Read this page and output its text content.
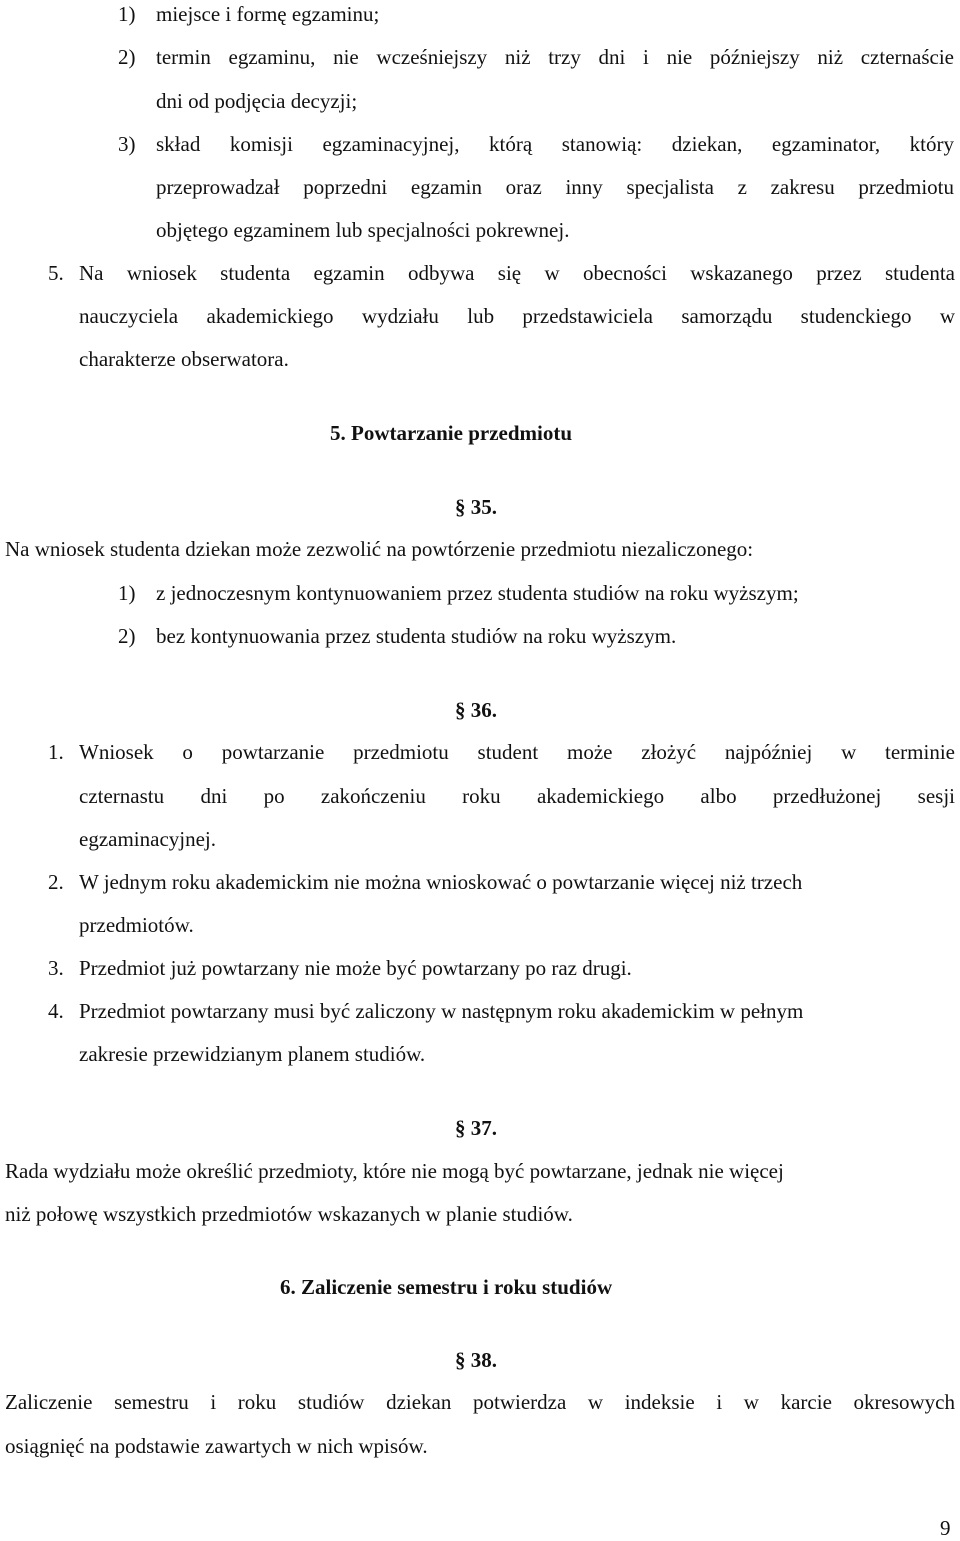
1) miejsce i formę egzaminu;
2) termin egzaminu, nie wcześniejszy niż trzy dni i nie późniejszy niż czternaście
dni od podjęcia decyzji;
3) skład komisji egzaminacyjnej, którą stanowią: dziekan, egzaminator, który
przeprowadzał poprzedni egzamin oraz inny specjalista z zakresu przedmiotu
objętego egzaminem lub specjalności pokrewnej.
5. Na wniosek studenta egzamin odbywa się w obecności wskazanego przez studenta
nauczyciela akademickiego wydziału lub przedstawiciela samorządu studenckiego w
charakterze obserwatora.
5. Powtarzanie przedmiotu
§ 35.
Na wniosek studenta dziekan może zezwolić na powtórzenie przedmiotu niezaliczonego:
1) z jednoczesnym kontynuowaniem przez studenta studiów na roku wyższym;
2) bez kontynuowania przez studenta studiów na roku wyższym.
§ 36.
1. Wniosek o powtarzanie przedmiotu student może złożyć najpóźniej w terminie
czternastu dni po zakończeniu roku akademickiego albo przedłużonej sesji
egzaminacyjnej.
2. W jednym roku akademickim nie można wnioskować o powtarzanie więcej niż trzech
przedmiotów.
3. Przedmiot już powtarzany nie może być powtarzany po raz drugi.
4. Przedmiot powtarzany musi być zaliczony w następnym roku akademickim w pełnym
zakresie przewidzianym planem studiów.
§ 37.
Rada wydziału może określić przedmioty, które nie mogą być powtarzane, jednak nie więcej
niż połowę wszystkich przedmiotów wskazanych w planie studiów.
6. Zaliczenie semestru i roku studiów
§ 38.
Zaliczenie semestru i roku studiów dziekan potwierdza w indeksie i w karcie okresowych
osiągnięć na podstawie zawartych w nich wpisów.
9
